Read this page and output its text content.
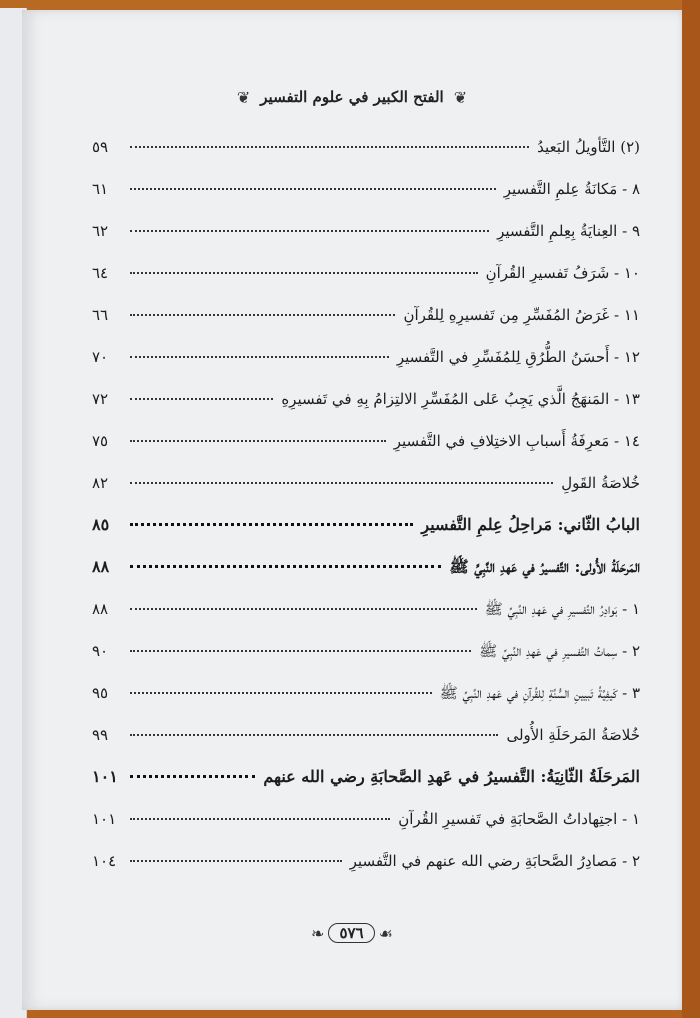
❦
الفتح الكبير في علوم التفسير
❦
(٢) التَّأويلُ البَعيدُ
٥٩
٨ - مَكانَةُ عِلمِ التَّفسيرِ
٦١
٩ - العِنايَةُ بِعِلمِ التَّفسيرِ
٦٢
١٠ - شَرَفُ تَفسيرِ القُرآنِ
٦٤
١١ - غَرَضُ المُفَسِّرِ مِن تَفسيرِهِ لِلقُرآنِ
٦٦
١٢ - أَحسَنُ الطُّرُقِ لِلمُفَسِّرِ في التَّفسيرِ
٧٠
١٣ - المَنهَجُ الَّذي يَجِبُ عَلى المُفَسِّرِ الالتِزامُ بِهِ في تَفسيرِهِ
٧٢
١٤ - مَعرِفَةُ أَسبابِ الاختِلافِ في التَّفسيرِ
٧٥
خُلاصَةُ القَولِ
٨٢
البابُ الثّاني: مَراحِلُ عِلمِ التَّفسيرِ
٨٥
المَرحَلَةُ الأُولى: التَّفسيرُ في عَهدِ النَّبِيِّ ﷺ
٨٨
١ - بَوادِرُ التَّفسيرِ في عَهدِ النَّبِيِّ ﷺ
٨٨
٢ - سِماتُ التَّفسيرِ في عَهدِ النَّبِيِّ ﷺ
٩٠
٣ - كَيفِيَّةُ تَبيينِ السُّنَّةِ لِلقُرآنِ في عَهدِ النَّبِيِّ ﷺ
٩٥
خُلاصَةُ المَرحَلَةِ الأُولى
٩٩
المَرحَلَةُ الثّانِيَةُ: التَّفسيرُ في عَهدِ الصَّحابَةِ رضي الله عنهم
١٠١
١ - اجتِهاداتُ الصَّحابَةِ في تَفسيرِ القُرآنِ
١٠١
٢ - مَصادِرُ الصَّحابَةِ رضي الله عنهم في التَّفسيرِ
١٠٤
❧	٥٧٦ ☙
